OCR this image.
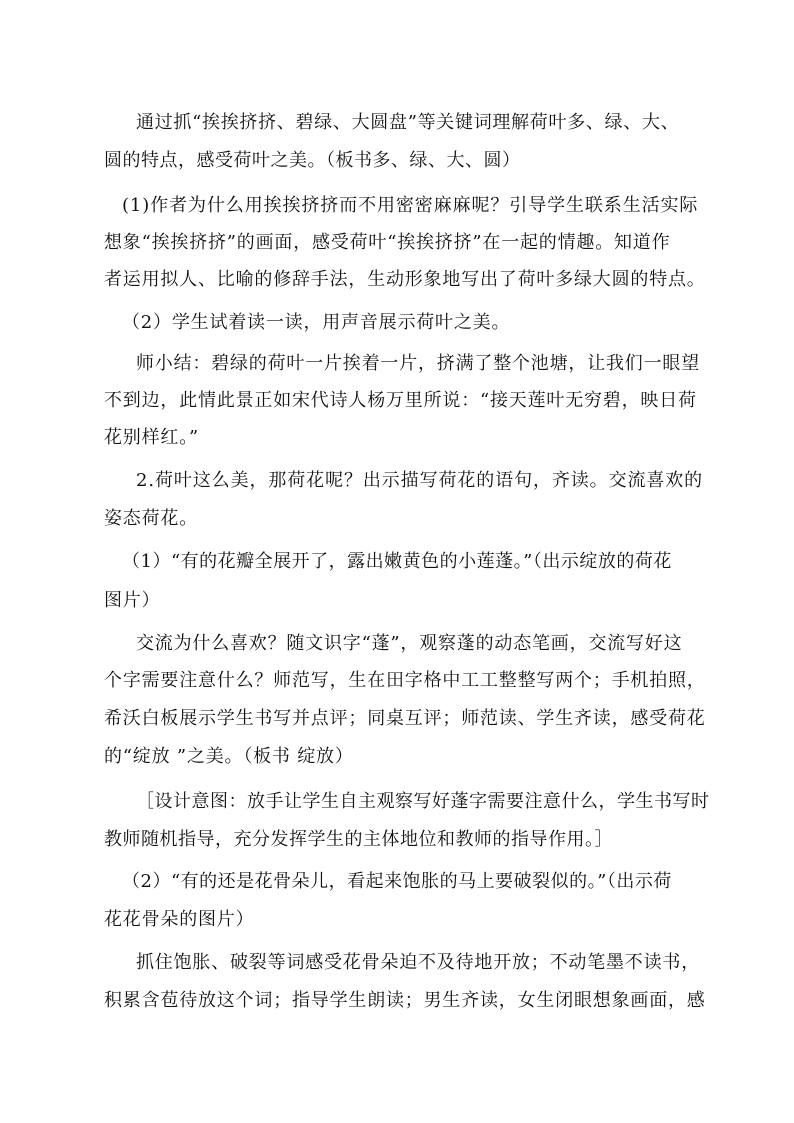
通过抓“挨挨挤挤、碧绿、大圆盘”等关键词理解荷叶多、绿、大、
圆的特点，感受荷叶之美。（板书多、绿、大、圆）
(1)作者为什么用挨挨挤挤而不用密密麻麻呢？引导学生联系生活实际
想象“挨挨挤挤”的画面，感受荷叶“挨挨挤挤”在一起的情趣。知道作
者运用拟人、比喻的修辞手法，生动形象地写出了荷叶多绿大圆的特点。
（2）学生试着读一读，用声音展示荷叶之美。
师小结：碧绿的荷叶一片挨着一片，挤满了整个池塘，让我们一眼望
不到边，此情此景正如宋代诗人杨万里所说：“接天莲叶无穷碧，映日荷
花别样红。”
2.荷叶这么美，那荷花呢？出示描写荷花的语句，齐读。交流喜欢的
姿态荷花。
（1）“有的花瓣全展开了，露出嫩黄色的小莲蓬。”（出示绽放的荷花
图片）
交流为什么喜欢？随文识字“蓬”，观察蓬的动态笔画，交流写好这
个字需要注意什么？师范写，生在田字格中工工整整写两个；手机拍照，
希沃白板展示学生书写并点评；同桌互评；师范读、学生齐读，感受荷花
的“绽放 ”之美。（板书 绽放）
［设计意图：放手让学生自主观察写好蓬字需要注意什么，学生书写时
教师随机指导，充分发挥学生的主体地位和教师的指导作用。］
（2）“有的还是花骨朵儿，看起来饱胀的马上要破裂似的。”（出示荷
花花骨朵的图片）
抓住饱胀、破裂等词感受花骨朵迫不及待地开放；不动笔墨不读书，
积累含苞待放这个词；指导学生朗读；男生齐读，女生闭眼想象画面，感
